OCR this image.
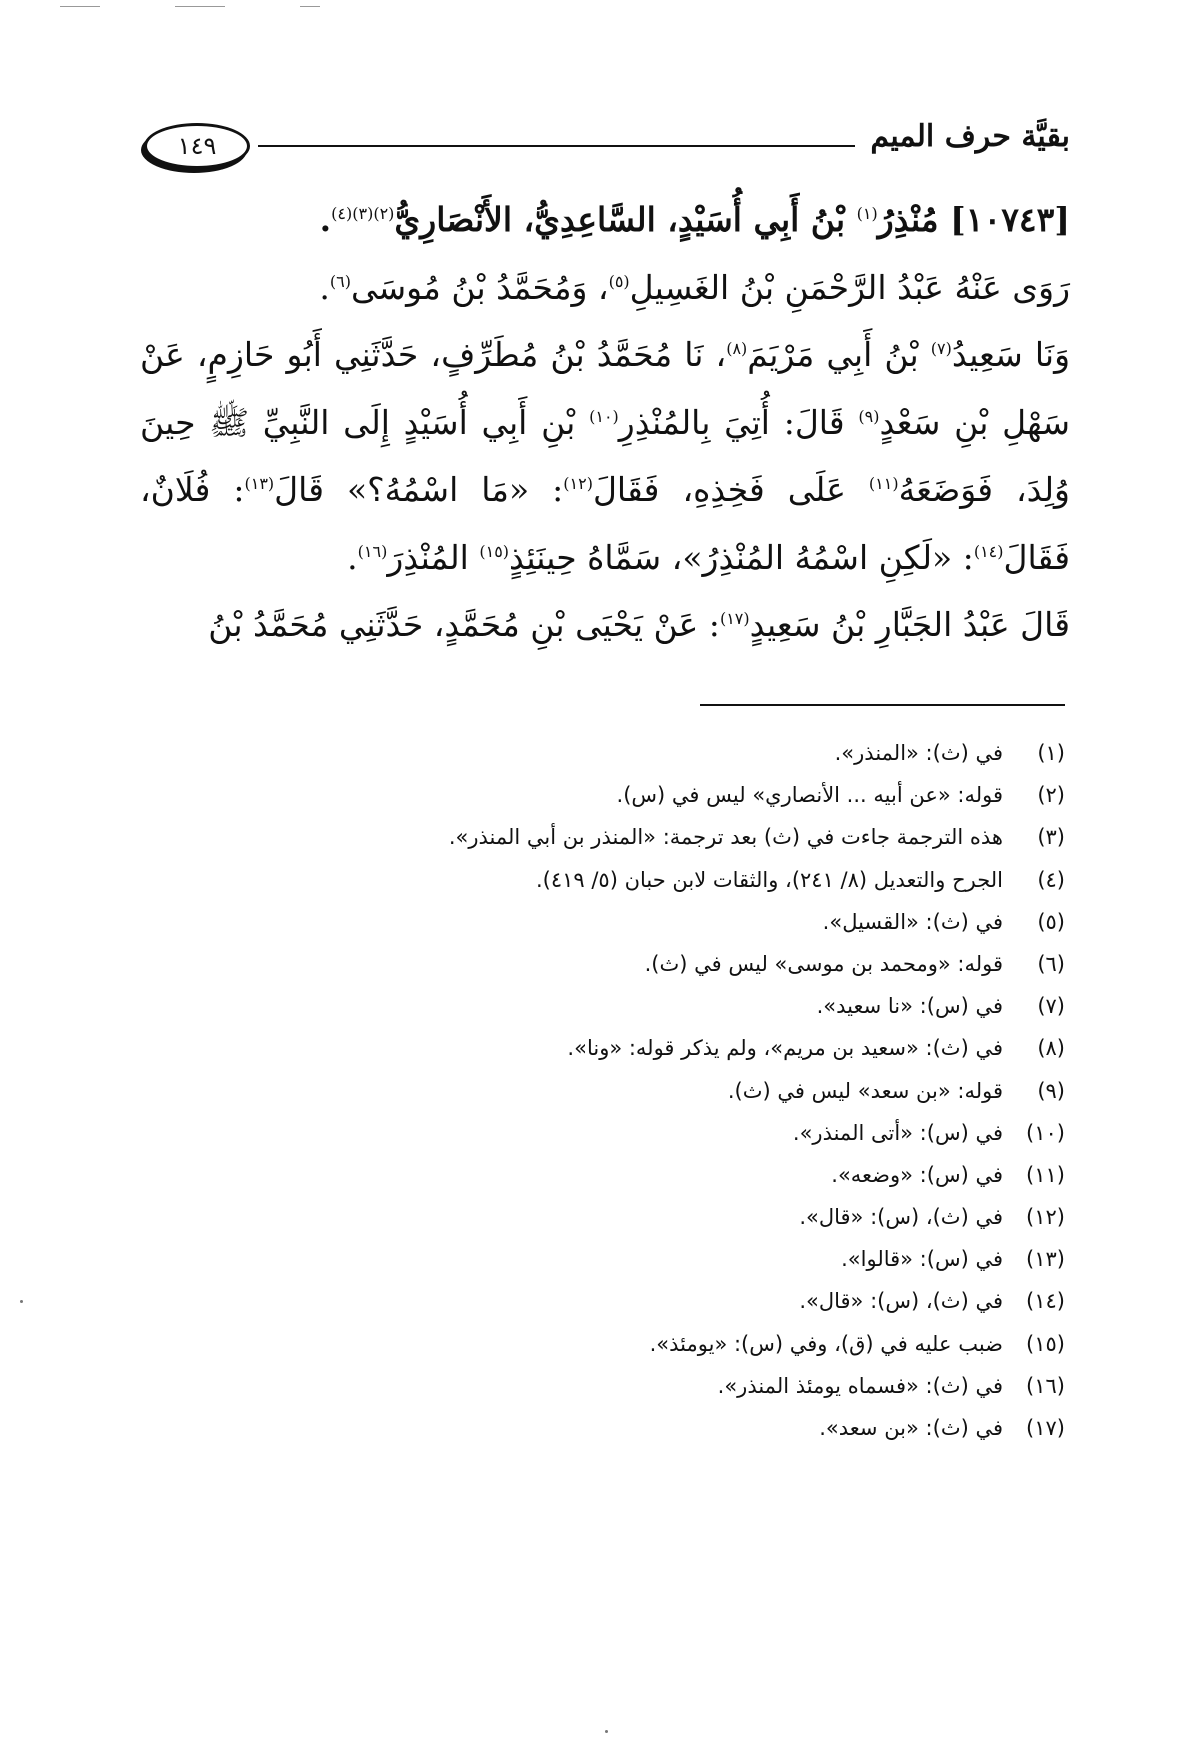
١٤٩	بقيَّة حرف الميم

[١٠٧٤٣] مُنْذِرُ$^{(١)}$ بْنُ أَبِي أُسَيْدٍ، السَّاعِدِيُّ، الأَنْصَارِيُّ$^{(٢)(٣)(٤)}$.

رَوَى عَنْهُ عَبْدُ الرَّحْمَنِ بْنُ الغَسِيلِ$^{(٥)}$، وَمُحَمَّدُ بْنُ مُوسَى$^{(٦)}$.

وَنَا سَعِيدُ$^{(٧)}$ بْنُ أَبِي مَرْيَمَ$^{(٨)}$، نَا مُحَمَّدُ بْنُ مُطَرِّفٍ، حَدَّثَنِي أَبُو حَازِمٍ، عَنْ سَهْلِ بْنِ سَعْدٍ$^{(٩)}$ قَالَ: أُتِيَ بِالمُنْذِرِ$^{(١٠)}$ بْنِ أَبِي أُسَيْدٍ إِلَى النَّبِيِّ ﷺ حِينَ وُلِدَ، فَوَضَعَهُ$^{(١١)}$ عَلَى فَخِذِهِ، فَقَالَ$^{(١٢)}$: «مَا اسْمُهُ؟» قَالَ$^{(١٣)}$: فُلَانٌ، فَقَالَ$^{(١٤)}$: «لَكِنِ اسْمُهُ المُنْذِرُ»، سَمَّاهُ حِينَئِذٍ$^{(١٥)}$ المُنْذِرَ$^{(١٦)}$.

قَالَ عَبْدُ الجَبَّارِ بْنُ سَعِيدٍ$^{(١٧)}$: عَنْ يَحْيَى بْنِ مُحَمَّدٍ، حَدَّثَنِي مُحَمَّدُ بْنُ

(١)في (ث): «المنذر».
(٢)قوله: «عن أبيه ... الأنصاري» ليس في (س).
(٣)هذه الترجمة جاءت في (ث) بعد ترجمة: «المنذر بن أبي المنذر».
(٤)الجرح والتعديل (٨/ ٢٤١)، والثقات لابن حبان (٥/ ٤١٩).
(٥)في (ث): «القسيل».
(٦)قوله: «ومحمد بن موسى» ليس في (ث).
(٧)في (س): «نا سعيد».
(٨)في (ث): «سعيد بن مريم»، ولم يذكر قوله: «ونا».
(٩)قوله: «بن سعد» ليس في (ث).
(١٠)في (س): «أتى المنذر».
(١١)في (س): «وضعه».
(١٢)في (ث)، (س): «قال».
(١٣)في (س): «قالوا».
(١٤)في (ث)، (س): «قال».
(١٥)ضبب عليه في (ق)، وفي (س): «يومئذ».
(١٦)في (ث): «فسماه يومئذ المنذر».
(١٧)في (ث): «بن سعد».
